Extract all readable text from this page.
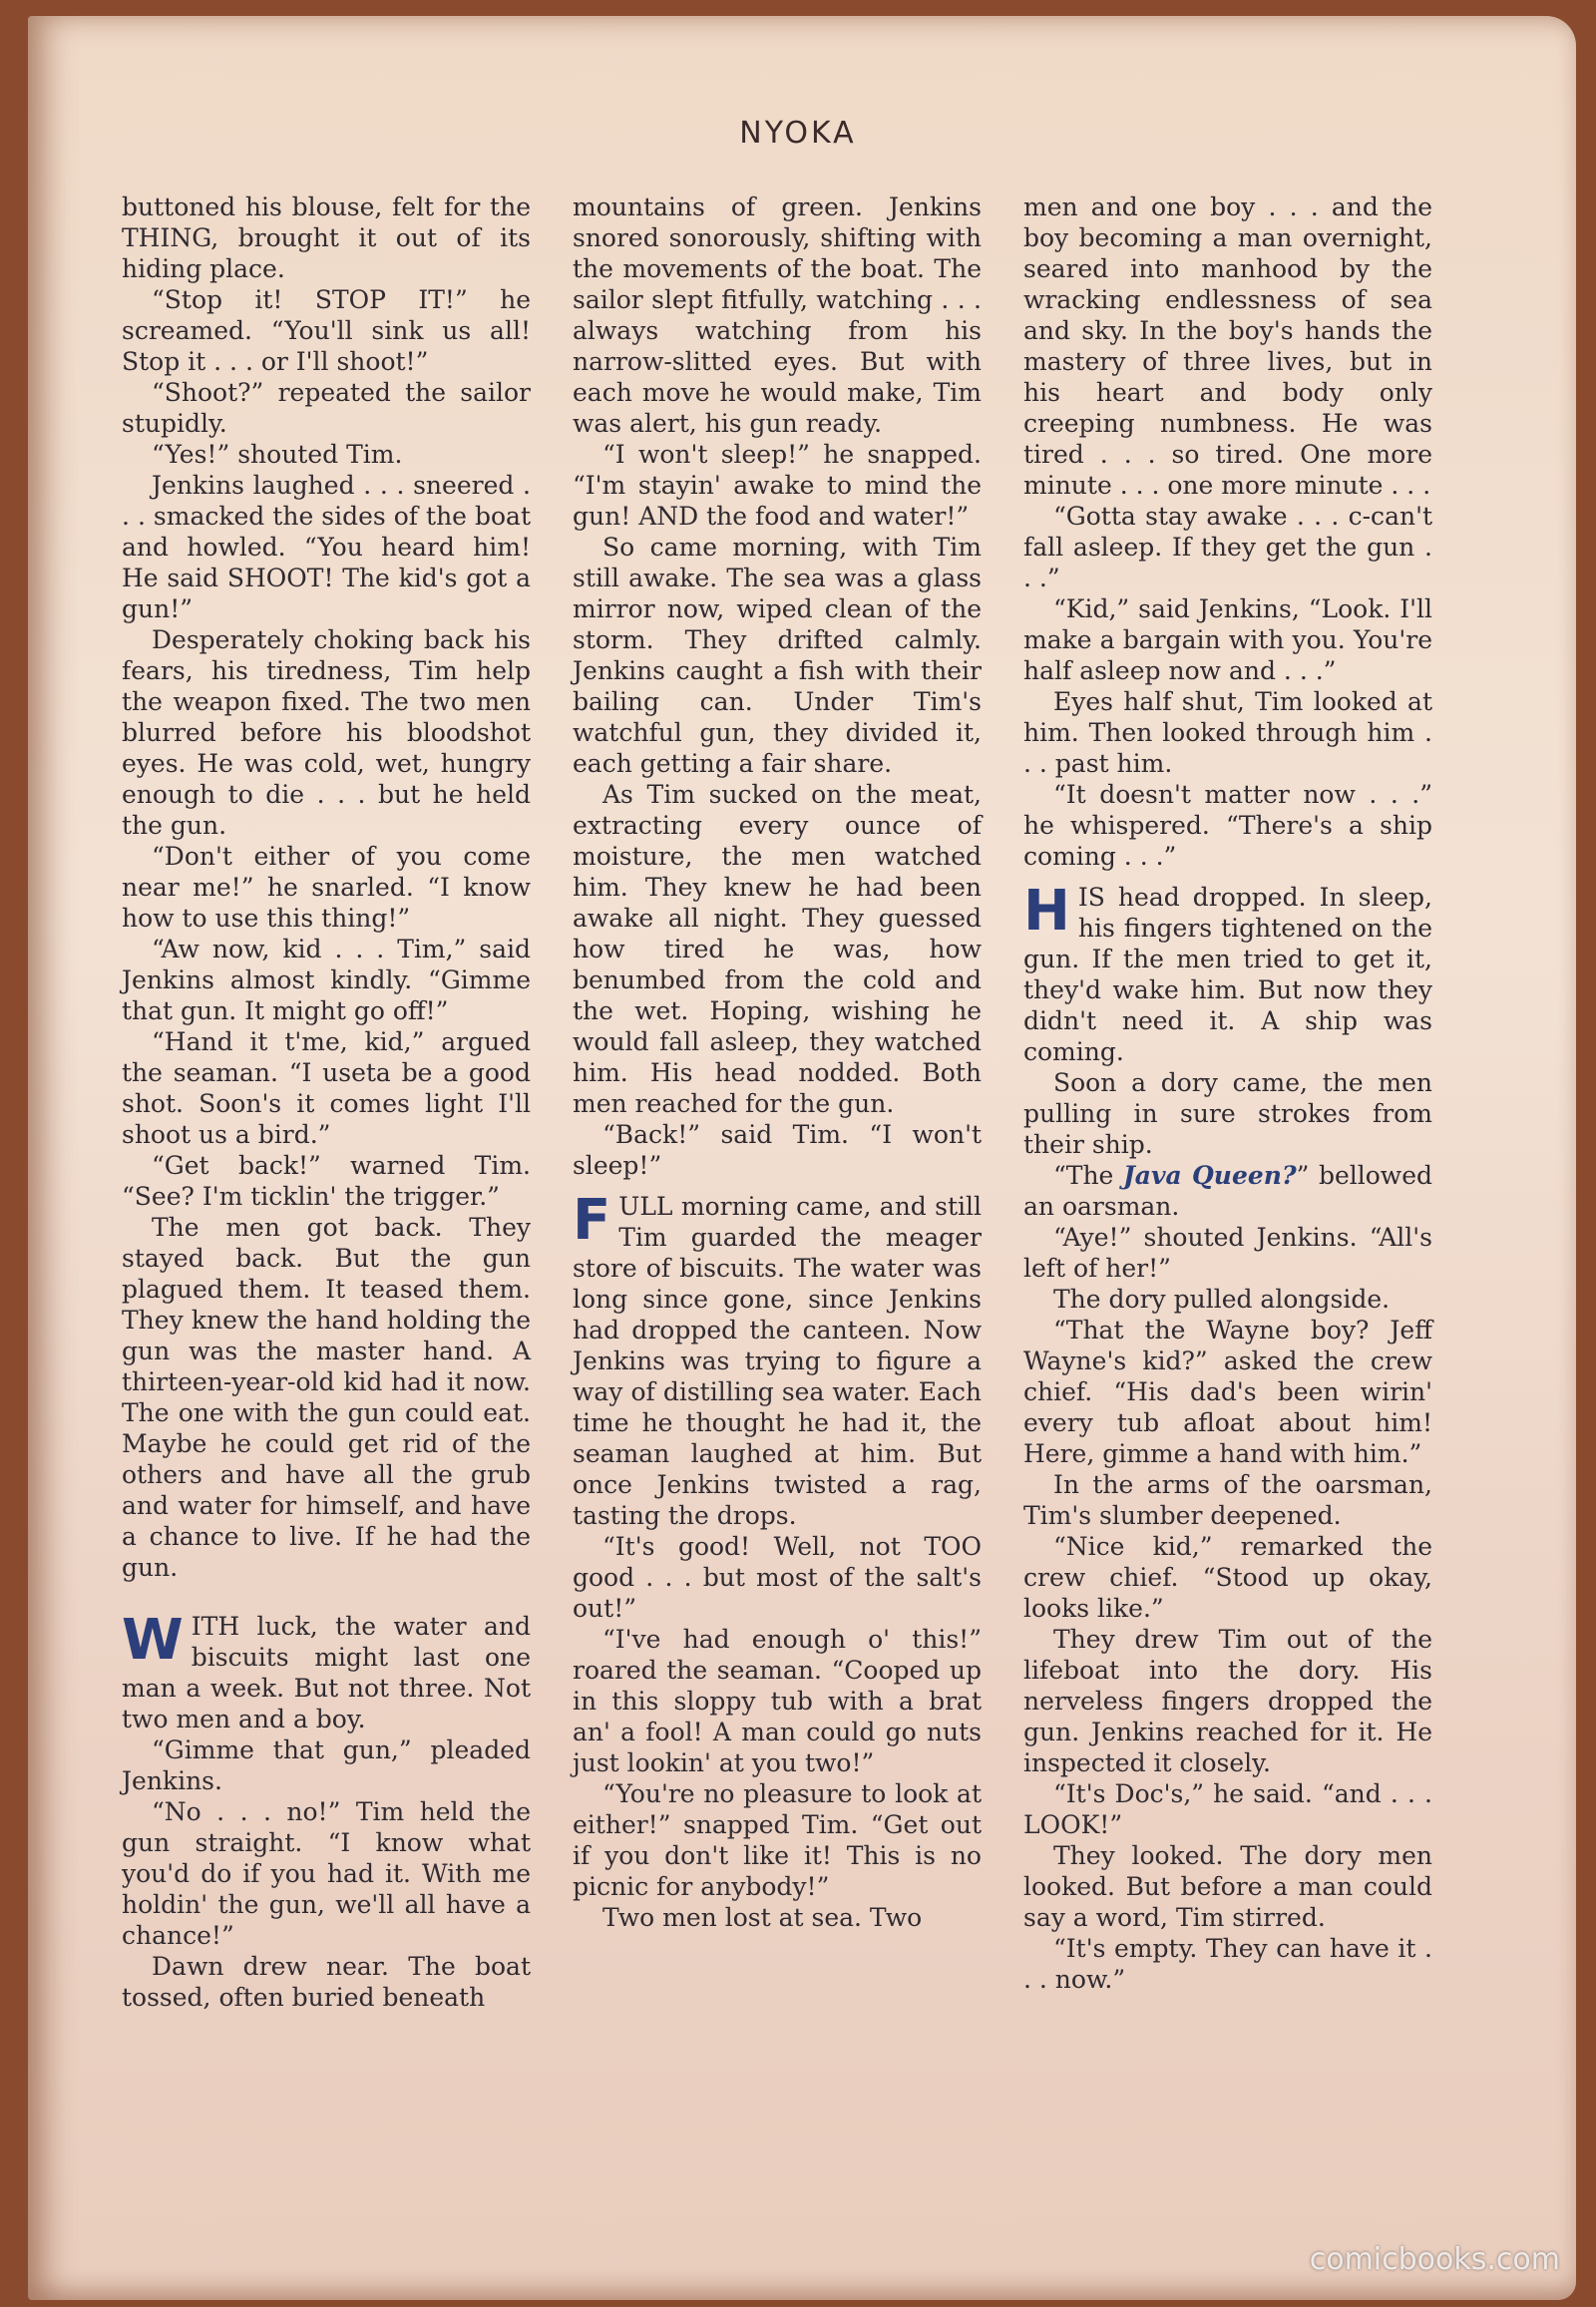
NYOKA

buttoned his blouse, felt for the THING, brought it out of its hiding place.

“Stop it! STOP IT!” he screamed. “You'll sink us all! Stop it . . . or I'll shoot!”

“Shoot?” repeated the sailor stupidly.

“Yes!” shouted Tim.

Jenkins laughed . . . sneered . . . smacked the sides of the boat and howled. “You heard him! He said SHOOT! The kid's got a gun!”

Desperately choking back his fears, his tiredness, Tim help the weapon fixed. The two men blurred before his bloodshot eyes. He was cold, wet, hungry enough to die . . . but he held the gun.

“Don't either of you come near me!” he snarled. “I know how to use this thing!”

“Aw now, kid . . . Tim,” said Jenkins almost kindly. “Gimme that gun. It might go off!”

“Hand it t'me, kid,” argued the seaman. “I useta be a good shot. Soon's it comes light I'll shoot us a bird.”

“Get back!” warned Tim. “See? I'm ticklin' the trigger.”

The men got back. They stayed back. But the gun plagued them. It teased them. They knew the hand holding the gun was the master hand. A thirteen-year-old kid had it now. The one with the gun could eat. Maybe he could get rid of the others and have all the grub and water for himself, and have a chance to live. If he had the gun.

WITH luck, the water and biscuits might last one man a week. But not three. Not two men and a boy.

“Gimme that gun,” pleaded Jenkins.

“No . . . no!” Tim held the gun straight. “I know what you'd do if you had it. With me holdin' the gun, we'll all have a chance!”

Dawn drew near. The boat tossed, often buried beneath

mountains of green. Jenkins snored sonorously, shifting with the movements of the boat. The sailor slept fitfully, watching . . . always watching from his narrow-slitted eyes. But with each move he would make, Tim was alert, his gun ready.

“I won't sleep!” he snapped. “I'm stayin' awake to mind the gun! AND the food and water!”

So came morning, with Tim still awake. The sea was a glass mirror now, wiped clean of the storm. They drifted calmly. Jenkins caught a fish with their bailing can. Under Tim's watchful gun, they divided it, each getting a fair share.

As Tim sucked on the meat, extracting every ounce of moisture, the men watched him. They knew he had been awake all night. They guessed how tired he was, how benumbed from the cold and the wet. Hoping, wishing he would fall asleep, they watched him. His head nodded. Both men reached for the gun.

“Back!” said Tim. “I won't sleep!”

FULL morning came, and still Tim guarded the meager store of biscuits. The water was long since gone, since Jenkins had dropped the canteen. Now Jenkins was trying to figure a way of distilling sea water. Each time he thought he had it, the seaman laughed at him. But once Jenkins twisted a rag, tasting the drops.

“It's good! Well, not TOO good . . . but most of the salt's out!”

“I've had enough o' this!” roared the seaman. “Cooped up in this sloppy tub with a brat an' a fool! A man could go nuts just lookin' at you two!”

“You're no pleasure to look at either!” snapped Tim. “Get out if you don't like it! This is no picnic for anybody!”

Two men lost at sea. Two

men and one boy . . . and the boy becoming a man overnight, seared into manhood by the wracking endlessness of sea and sky. In the boy's hands the mastery of three lives, but in his heart and body only creeping numbness. He was tired . . . so tired. One more minute . . . one more minute . . .

“Gotta stay awake . . . c-can't fall asleep. If they get the gun . . .”

“Kid,” said Jenkins, “Look. I'll make a bargain with you. You're half asleep now and . . .”

Eyes half shut, Tim looked at him. Then looked through him . . . past him.

“It doesn't matter now . . .” he whispered. “There's a ship coming . . .”

HIS head dropped. In sleep, his fingers tightened on the gun. If the men tried to get it, they'd wake him. But now they didn't need it. A ship was coming.

Soon a dory came, the men pulling in sure strokes from their ship.

“The Java Queen?” bellowed an oarsman.

“Aye!” shouted Jenkins. “All's left of her!”

The dory pulled alongside.

“That the Wayne boy? Jeff Wayne's kid?” asked the crew chief. “His dad's been wirin' every tub afloat about him! Here, gimme a hand with him.”

In the arms of the oarsman, Tim's slumber deepened.

“Nice kid,” remarked the crew chief. “Stood up okay, looks like.”

They drew Tim out of the lifeboat into the dory. His nerveless fingers dropped the gun. Jenkins reached for it. He inspected it closely.

“It's Doc's,” he said. “and . . . LOOK!”

They looked. The dory men looked. But before a man could say a word, Tim stirred.

“It's empty. They can have it . . . now.”

comicbooks.com
